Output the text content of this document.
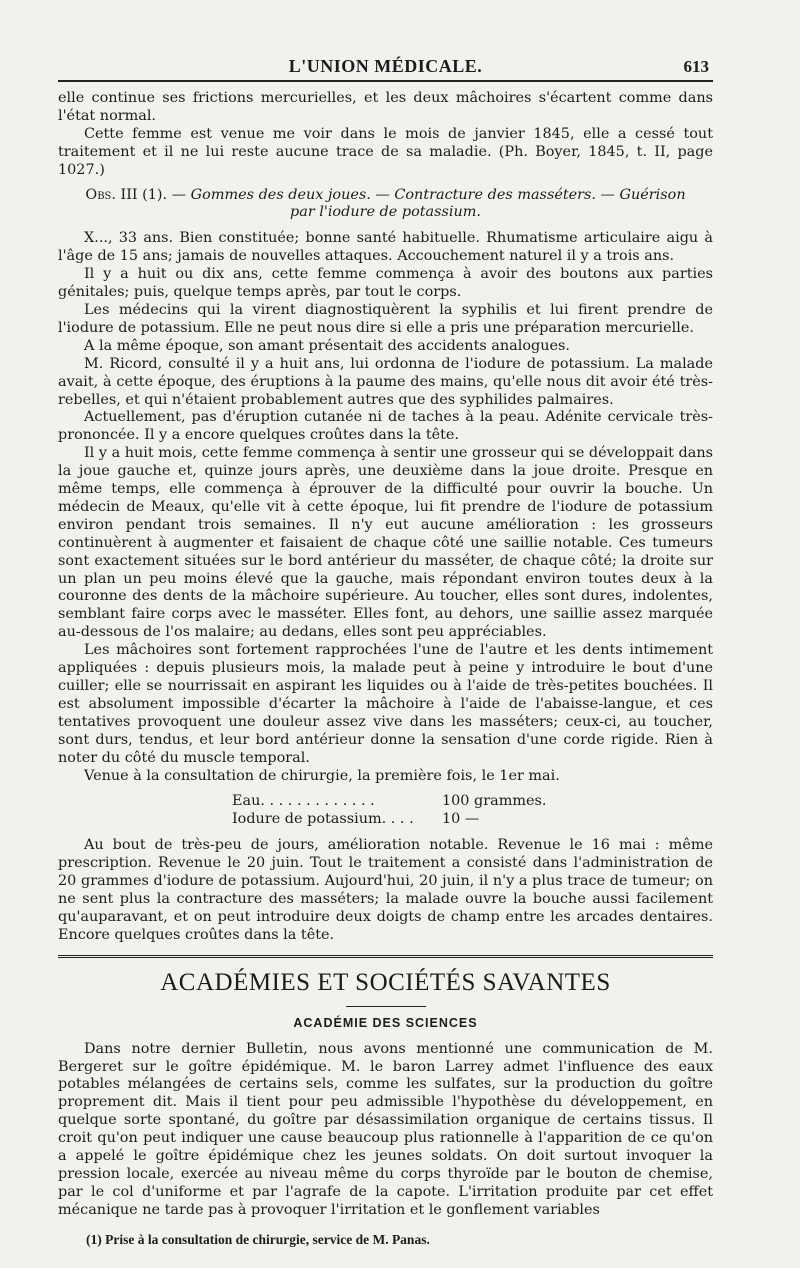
L'UNION MÉDICALE.	613

elle continue ses frictions mercurielles, et les deux mâchoires s'écartent comme dans l'état normal.

Cette femme est venue me voir dans le mois de janvier 1845, elle a cessé tout traitement et il ne lui reste aucune trace de sa maladie. (Ph. Boyer, 1845, t. II, page 1027.)

Obs. III (1). — Gommes des deux joues. — Contracture des masséters. — Guérison
par l'iodure de potassium.

X..., 33 ans. Bien constituée; bonne santé habituelle. Rhumatisme articulaire aigu à l'âge de 15 ans; jamais de nouvelles attaques. Accouchement naturel il y a trois ans.

Il y a huit ou dix ans, cette femme commença à avoir des boutons aux parties génitales; puis, quelque temps après, par tout le corps.

Les médecins qui la virent diagnostiquèrent la syphilis et lui firent prendre de l'iodure de potassium. Elle ne peut nous dire si elle a pris une préparation mercurielle.

A la même époque, son amant présentait des accidents analogues.

M. Ricord, consulté il y a huit ans, lui ordonna de l'iodure de potassium. La malade avait, à cette époque, des éruptions à la paume des mains, qu'elle nous dit avoir été très-rebelles, et qui n'étaient probablement autres que des syphilides palmaires.

Actuellement, pas d'éruption cutanée ni de taches à la peau. Adénite cervicale très-prononcée. Il y a encore quelques croûtes dans la tête.

Il y a huit mois, cette femme commença à sentir une grosseur qui se développait dans la joue gauche et, quinze jours après, une deuxième dans la joue droite. Presque en même temps, elle commença à éprouver de la difficulté pour ouvrir la bouche. Un médecin de Meaux, qu'elle vit à cette époque, lui fit prendre de l'iodure de potassium environ pendant trois semaines. Il n'y eut aucune amélioration : les grosseurs continuèrent à augmenter et faisaient de chaque côté une saillie notable. Ces tumeurs sont exactement situées sur le bord antérieur du masséter, de chaque côté; la droite sur un plan un peu moins élevé que la gauche, mais répondant environ toutes deux à la couronne des dents de la mâchoire supérieure. Au toucher, elles sont dures, indolentes, semblant faire corps avec le masséter. Elles font, au dehors, une saillie assez marquée au-dessous de l'os malaire; au dedans, elles sont peu appréciables.

Les mâchoires sont fortement rapprochées l'une de l'autre et les dents intimement appliquées : depuis plusieurs mois, la malade peut à peine y introduire le bout d'une cuiller; elle se nourrissait en aspirant les liquides ou à l'aide de très-petites bouchées. Il est absolument impossible d'écarter la mâchoire à l'aide de l'abaisse-langue, et ces tentatives provoquent une douleur assez vive dans les masséters; ceux-ci, au toucher, sont durs, tendus, et leur bord antérieur donne la sensation d'une corde rigide. Rien à noter du côté du muscle temporal.

Venue à la consultation de chirurgie, la première fois, le 1er mai.

Eau. . . . . . . . . . . . .	100 grammes.
Iodure de potassium. . . .	10 —

Au bout de très-peu de jours, amélioration notable. Revenue le 16 mai : même prescription. Revenue le 20 juin. Tout le traitement a consisté dans l'administration de 20 grammes d'iodure de potassium. Aujourd'hui, 20 juin, il n'y a plus trace de tumeur; on ne sent plus la contracture des masséters; la malade ouvre la bouche aussi facilement qu'auparavant, et on peut introduire deux doigts de champ entre les arcades dentaires. Encore quelques croûtes dans la tête.

ACADÉMIES ET SOCIÉTÉS SAVANTES
ACADÉMIE DES SCIENCES

Dans notre dernier Bulletin, nous avons mentionné une communication de M. Bergeret sur le goître épidémique. M. le baron Larrey admet l'influence des eaux potables mélangées de certains sels, comme les sulfates, sur la production du goître proprement dit. Mais il tient pour peu admissible l'hypothèse du développement, en quelque sorte spontané, du goître par désassimilation organique de certains tissus. Il croit qu'on peut indiquer une cause beaucoup plus rationnelle à l'apparition de ce qu'on a appelé le goître épidémique chez les jeunes soldats. On doit surtout invoquer la pression locale, exercée au niveau même du corps thyroïde par le bouton de chemise, par le col d'uniforme et par l'agrafe de la capote. L'irritation produite par cet effet mécanique ne tarde pas à provoquer l'irritation et le gonflement variables

(1) Prise à la consultation de chirurgie, service de M. Panas.
